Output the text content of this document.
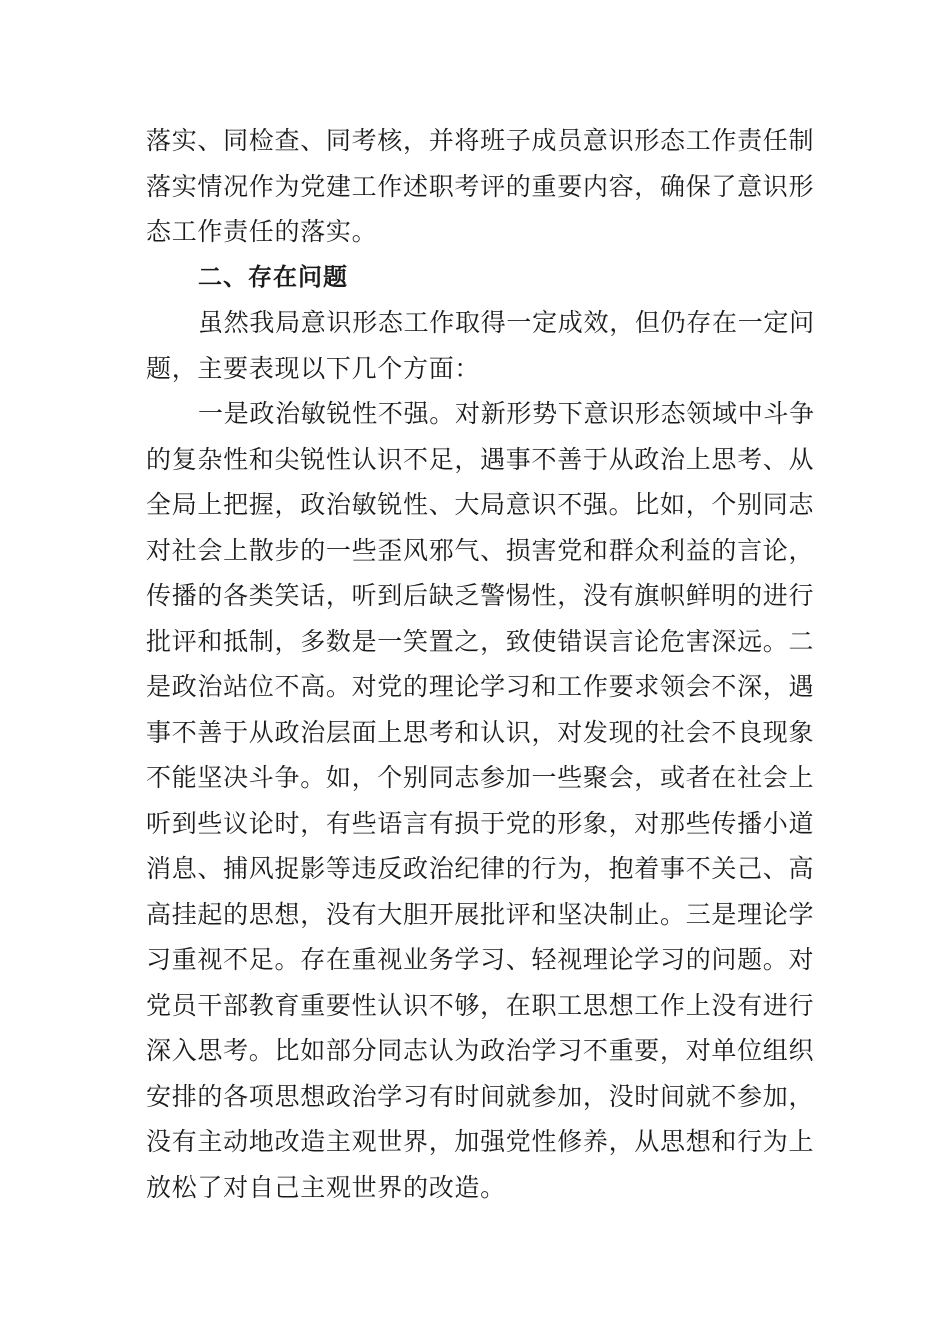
落实、同检查、同考核，并将班子成员意识形态工作责任制
落实情况作为党建工作述职考评的重要内容，确保了意识形
态工作责任的落实。
二、存在问题
虽然我局意识形态工作取得一定成效，但仍存在一定问
题，主要表现以下几个方面：
一是政治敏锐性不强。对新形势下意识形态领域中斗争
的复杂性和尖锐性认识不足，遇事不善于从政治上思考、从
全局上把握，政治敏锐性、大局意识不强。比如，个别同志
对社会上散步的一些歪风邪气、损害党和群众利益的言论，
传播的各类笑话，听到后缺乏警惕性，没有旗帜鲜明的进行
批评和抵制，多数是一笑置之，致使错误言论危害深远。二
是政治站位不高。对党的理论学习和工作要求领会不深，遇
事不善于从政治层面上思考和认识，对发现的社会不良现象
不能坚决斗争。如，个别同志参加一些聚会，或者在社会上
听到些议论时，有些语言有损于党的形象，对那些传播小道
消息、捕风捉影等违反政治纪律的行为，抱着事不关己、高
高挂起的思想，没有大胆开展批评和坚决制止。三是理论学
习重视不足。存在重视业务学习、轻视理论学习的问题。对
党员干部教育重要性认识不够，在职工思想工作上没有进行
深入思考。比如部分同志认为政治学习不重要，对单位组织
安排的各项思想政治学习有时间就参加，没时间就不参加，
没有主动地改造主观世界，加强党性修养，从思想和行为上
放松了对自己主观世界的改造。
